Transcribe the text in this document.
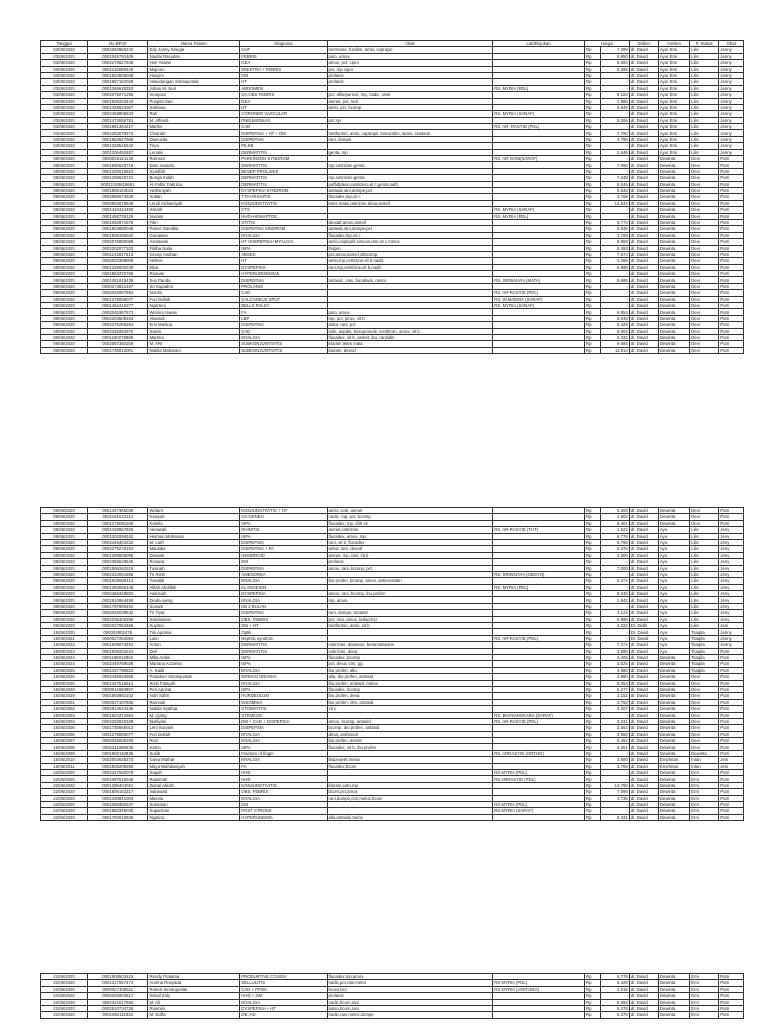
Tanggal	No BPJS	Nama Pasien	Diagnosa	Obat	Lab/Rujukan	Harga		Dokter	Asisten	P. Status	Obat
03/06/2020	0002060965242	Edy Jonny Siregar	CHF	metronne, furolbn, amlo, cepropic		Rp	7.299	dr. David	Ayu/ Erni	Lilis	Jenny
03/06/2020	0001049791409	Naufal Rasydan	FEBRIS	pulo, amox		Rp	5.950	dr. David	Ayu/ Erni	Lilis	Jenny
03/06/2020	0002278527546	Heri Yowan	GEA	amox, pct, cipro		Rp	5.594	dr. David	Ayu/ Erni	Lilis	Jenny
03/06/2020	0001132689429	Mujiono	SINISTRA + FEBRIS	pct, mp cipro		Rp	5.285	dr. David	Ayu/ Erni	Lilis	Jenny
03/06/2020	0001834506038	Hasyim	DM	prolanis		Rp	-	dr. David	Ayu/ Erni	Lilis	Jenny
03/06/2020	0001897162029	Hasudungan Simanjuntak	HT	prolanis		Rp	-	dr. David	Ayu/ Erni	Lilis	Jenny
03/06/2020	0001266628353	Johan M. Nuri	ABDOMEN		RS. MYRIA (PDL)	Rp	-	dr. David	Ayu/ Erni	Lilis	Jenny
03/06/2020	0002079271295	Irmayani	OA OBS FEBRIS	pct, alllo/purinol, mp, nadic, ranti		Rp	6.183	dr. David	Ayu/ Erni	Lilis	Jenny
03/06/2020	0001506203443	Puspita Sari	GEA	asmet, pct, ranl		Rp	1.986	dr. David	Ayu/ Erni	Lilis	Jenny
03/06/2020	0001428924007	Satriana	HT	amlo, pct, bcomp		Rp	5.945	dr. David	Ayu/ Erni	Lilis	Jenny
03/06/2020	0002459806633	Rati	CORONER VASCULAR		RS. MYRIA (SARAF)	Rp	-	dr. David	Ayu/ Erni	Lilis	Jenny
03/06/2020	0001474555781	M. Affendi	PNEUMONIAS	pct syr		Rp	5.206	dr. David	Ayu/ Erni	Lilis	Jenny
03/06/2020	0001881364217	Martini	CAD		RS. AR- RASYID (PDL)	Rp	-	dr. David	Ayu/ Erni	Lilis	Jenny
03/06/2020	0002263079273	Choiriah	DISPEPSIA + HT + DM	metformin, amlo, captropil, biscombin, lanso, ranason		Rp	7.790	dr. David	Ayu/ Erni	Lilis	Jenny
03/06/2020	0001854547986	Dianovita	DISPEPSIA	rani, dompe		Rp	4.796	dr. David	Ayu/ Erni	Lilis	Jenny
03/06/2020	0001328546542	Triya	PILKB			Rp	-	dr. David	Ayu/ Erni	Lilis	Jenny
03/06/2020	0001206450487	Lenativ	DERMATITIS	genta, mp		Rp	2.646	dr. David	Ayu/ Erni	Lilis	Jenny
08/06/2020	0000026114145	Ramses	PARKINSON SYNDROM		RS. AR-GANI(SARAF)	Rp	-	dr. David	Dewinta	Devi	Putri
08/06/2020	0001590625719	Dani susanto	DERMATITIS	mp,cetirizine,genta		Rp	7.060	dr. David	Dewinta	Devi	Putri
08/06/2020	0001200016622	Syarifah	BESEP PROLANIS			Rp	-	dr. David	Dewinta	Devi	Putri
08/06/2020	0001258625721	Bunga Indah	DERMATITIS	mp,cetirizine,genta		Rp	7.248	dr. David	Dewinta	Devi	Putri
08/06/2020	00022193618691	Al-Fathir Fabrizio	DERMATITIS	puffid(deso,cetirizien,vit c,genta salf)		Rp	8.246	dr. David	Dewinta	Devi	Putri
08/06/2020	0001906153023	Herlisniyah	DYSPEPSIA SYNDROM	antasid,rani,dompe,pct		Rp	5.546	dr. David	Dewinta	Devi	Putri
08/06/2020	0002906673838	Sultan	TTH+RHINITIS	flucadex,mp,vit c		Rp	3.768	dr. David	Dewinta	Devi	Putri
08/06/2020	0000902679849	Lendi Ardiansyah	KONJUNGTIVITIS	letes mata,cetirizine,dexa,asmef		Rp	14.634	dr. David	Dewinta	Devi	Putri
08/06/2020	0001410444450	Ismarti	CTS		RS. MYRIA (SARAF)	Rp	-	dr. David	Dewinta	Devi	Putri
08/06/2020	0001458735129	Nuraini	HHD+HEMAPTOE		RS. MYRIA (PDL)	Rp	-	dr. David	Dewinta	Devi	Putri
08/06/2020	0001062971879	Fikri	OTITIS	dexdaf,amox,asmef		Rp	6.774	dr. David	Dewinta	Devi	Putri
08/06/2020	0001504880048	Pance Sandika	DISPEPSIA SINDROM	antasid,rani,dompe,pct		Rp	5.546	dr. David	Dewinta	Devi	Putri
08/06/2020	0001506166042	Gunawan	MYALGIA	flucadex,mp,vit c		Rp	3.768	dr. David	Dewinta	Devi	Putri
08/06/2020	0002076885088	Asmawati	HT+DISPEPSIA+MYALGIA	amlo,captopril,simvas,rani,vit c,melox		Rp	8.559	dr. David	Dewinta	Devi	Putri
08/06/2020	0002202077103	Fildha Naila	ISPA	Fulpro		Rp	5.493	dr. David	Dewinta	Devi	Putri
08/06/2020	0001142817513	Cecep Andrian	ABSES	pct,amox,asmef,vitbcomp		Rp	7.574	dr. David	Dewinta	Devi	Putri
08/06/2020	0000023399909	Helmin	HT	amlo,mp,cetirizine,vit b,nadic		Rp	4.366	dr. David	Dewinta	Devi	Putri
08/06/2020	0001326000239	Elpa	DYSPEPSIA	rani,mp,cetirizine,vit b,nadic		Rp	6.988	dr. David	Dewinta	Devi	Putri
08/06/2020	0001963370766	Rasuan	HYPERURIKEMIA5			Rp	-	dr. David	Dewinta	Devi	Putri
08/06/2020	0001451819439	Sus Parida	DISPEPSIA	antasid , rani, bundavin, metro	RS. SRIWIJAYA (MATA)	Rp	9.685	dr. David	Dewinta	Devi	Putri
08/06/2020	0000273831497	Sri Supadmi	PROLANIS			Rp	-	dr. David	Dewinta	Devi	Putri
08/06/2020	0000026067894	Nurdin	CAD		RS. AR-RASYID (PDL)	Rp	-	dr. David	Dewinta	Devi	Putri
08/06/2020	0001278069077	Furi Dullah	CALCANEUS SPUT		RS. W.MADIRA (SARAF)	Rp	-	dr. David	Dewinta	Devi	Putri
08/06/2020	0001462415377	Ngarteni	BELLS PALSY		RS. MYRIA (SARAF)	Rp	-	dr. David	Dewinta	Devi	Putri
08/06/2020	0002045367573	Wiriniro Uwais	FA	pulo, amox		Rp	6.854	dr. David	Dewinta	Devi	Putri
08/06/2020	0002203609163	Alwandi	LBP	mp, pct, pirox, vit b		Rp	5.046	dr. David	Dewinta	Devi	Putri
08/06/2020	0002376266264	Emi Marlina	DISPEPSIA	dolta, rani, pct		Rp	8.429	dr. David	Dewinta	Devi	Putri
08/06/2020	0002348254970	Samsi	CAD	isdn, aspilet, bosoprosole, erothrom, amox, vit b		Rp	6.002	dr. David	Dewinta	Devi	Putri
08/06/2020	0001180279899	Martina	MYALGIA	flucadex, vit b, asmet, ibu, ranitidin		Rp	6.332	dr. David	Dewinta	Devi	Putri
08/06/2020	0002087350209	M. ARI	SUBKONJUNTIVITIS	kloram tetes mata		Rp	9.694	dr. David	Dewinta	Devi	Putri
08/06/2020	0001735912001	Nabila Maharani	SUBKONJUNTIVITIS	kloram, dexraf		Rp	11.814	dr. David	Dewinta	Devi	Putri
08/06/2020	0001447365039	Widarti	KONJUNGTIVITIS + HT	amlo, cetri, asmet		Rp	9.206	dr. David	Dewinta	Devi	Putri
08/06/2020	0001161623114	Kasiyah	OA GENEU	nadic, mp, pct, bcomp		Rp	4.802	dr. David	Dewinta	Devi	Putri
08/06/2020	0001276081165	Kamila	ISPA	flucadex, mp, cbh sir		Rp	8.401	dr. David	Dewinta	Devi	Putri
08/06/2020	0001439967925	Herawati	RHINITIS	asmet,cetirizine	RS. AR-RASYID (THT)	Rp	1.622	dr. David	Ayu	Lilis	Jeny
08/06/2020	0001302099342	Herman Mohanan	ISPA	flucadex, amox, mp		Rp	6.776	dr. David	Ayu	Lilis	Jeny
08/06/2020	0002445404232	M. Lutfi	DISPEPSIA	rani, vit b, flucadex		Rp	8.756	dr. David	Ayu	Lilis	Jeny
08/06/2020	0002279278154	Maulidia	DISPEPSIA + FA	arfed, rani, dexraf		Rp	6.376	dr. David	Ayu	Lilis	Jeny
08/06/2020	0001286506095	Darwati	HEMOROID	asmet, mp, rani, vit b		Rp	4.306	dr. David	Ayu	Lilis	Jeny
08/06/2020	0002356529645	Rosana	DM	prolanis		Rp	-	dr. David	Ayu	Lilis	Jeny
08/06/2020	0001506263218	Tusinah	DISPEPSIA	amox, rani, bcomp, pct		Rp	7.000	dr. David	Ayu	Lilis	Jeny
08/06/2020	0002310051896	Tri Rizki	AMENOREA		RS. SRIWIJAYA (OBGYN)	Rp	-	dr. David	Ayu	Lilis	Jeny
08/06/2020	0001506908113	Yuwaldi	MYALGIA	ibu profen, bcomp, amox, antiorostatin		Rp	6.374	dr. David	Ayu	Lilis	Jeny
08/06/2020	0001382596148	Alifah Abdillah	KLANGEION		RS. MYRIA (PDL)	Rp	-	dr. David	Ayu	Lilis	Jeny
08/06/2020	0002469328882	Hamsiah	DYSPEPSIA	amox, rani, bcomp, ibu profen		Rp	8.246	dr. David	Ayu	Lilis	Jeny
08/06/2020	0002510864488	Dinda Ajeng	MYALGIA	mp, amox		Rp	1.942	dr. David	Ayu	Lilis	Jeny
08/06/2020	0001797900491	Sunarti	KB 3 BULAN			Rp	-	dr. David	Ayu	Lilis	Jeny
08/06/2020	0000026039542	Tri Tiyar	DISPEPSIA	rani, dompe, antasid		Rp	4.124	dr. David	Ayu	Lilis	Jeny
08/06/2020	0002205406296	Sandaniasi	OBS. FEBRIS	pct, rani, amox, bufacory!		Rp	8.996	dr. David	Ayu	Lilis	Jeny
09/06/2020	0002027953465	Suyitno	DM + HT	metformin, amlo, vit b		Rp	4.322	Dr. Didhi	Ayu	Lilis	Jeni
15/06/2020	000002902478	Tini Apriniai	Optik			Rp	-	Dr. David	Ayu	Tsaqila	Jenny
15/06/2021	0000027262054	Lukri	Nephtic syndrom		RS. AR-RASYID (PDL)	Rp	-	Dr. David	Ayu	Tsaqila	Jenny
15/06/2022	0001508074491	Anton	DERMATITIS	cetirizine, danason, betametasone		Rp	7.374	dr. David	Ayu	Tsaqila	Jenny
15/06/2023	0001506204224	Deli	DERMATITIS	cetirizine, dexa		Rp	3.586	dr. David	Ayu	Tsaqila	Putri
15/06/2024	0001196012862	Milla Ardini	ISPA	flucadex, bcomp		Rp	3.405	dr. David	Dewinta	Tsaqila	Putri
15/06/2024	0002449769038	Mariana Azzahra	ISPA	pct, dexa, ctm, gg		Rp	3.025	dr. David	Dewinta	Tsaqila	Putri
15/06/2025	0001437780822	A. Kadir	MYALGIA	ibu profen, allu		Rp	4.980	dr. David	Dewinta	Tsaqila	Putri
15/06/2026	0002436834558	Paradom Simanjuntak	INFEKSI URIANIA	allu, ibu profen, antasid		Rp	4.980	dr. David	Dewinta	Devi	Putri
15/06/2026	0001427516614	Rizki Fatayah	MYALGIA	ibu profen, antasid, melox		Rp	5.054	dr. David	Dewinta	Devi	Putri
15/06/2028	0000511683997	Peri Aprizal	ISPA	flucadex, bcomp		Rp	5.277	dr. David	Dewinta	Devi	Putri
15/06/2029	0001593982102	Indri Saftri	HORDEULUM	ibu profen, dexa		Rp	3.152	dr. David	Dewinta	Devi	Putri
15/06/2001	0000027107636	Ramouli	INSOMNIA	ibu profen, ctm, antasid		Rp	3.752	dr. David	Dewinta	Devi	Putri
15/06/2002	0002914524246	Nabila Syafiqa	STOMATITIS	vit c		Rp	4.207	dr. David	Dewinta	Devi	Putri
15/06/2003	0001824371884	M. Ujang	STROKOE		RS. BHAYANGKARA (SARAF)	Rp	-	dr. David	Dewinta	Devi	Putri
15/06/2004	0002332820339	Nurliyani	DM + CAD + DISPEPSIA	amox, bcomp, antasid	RS. AR-RASYID (PDL)	Rp	3.031	dr. David	Dewinta	Devi	Putri
15/06/2005	0001730666013	Leni Suryani	DISPEPSIA	bcomp, ibu profen, antasid		Rp	3.553	dr. David	Dewinta	Devi	Putri
15/06/2006	0001278069077	Furi Dullah	MYALGIA	dexa, ambroxol		Rp	3.560	dr. David	Dewinta	Devi	Putri
15/06/2007	0000315006292	Rozi	MYALGIA	ibu profen, asmet		Rp	5.452	dr. David	Dewinta	Devi	Putri
15/06/2008	0002311086635	Karno	ISPA	flucadex, vit b, ibu profen		Rp	6.251	dr. David	Dewinta	Devi	Putri
15/06/2009	0001882110835	Susib	Fracture of finger		RS. ARRASYID (ORTHO)	Rp	-	dr. David	Dewinta	Dewinta	Putri
15/06/2010	0002003625273	Goep Muthar	MYALGIA	ibuprojeet,melox		Rp	3.680	dr. David	Erni/Intan	Intan	Jeni
15/06/2011	0001505209296	Maya Wahdaniyah	FA	flucadex,bcom		Rp	2.755	dr. David	Erni/Intan	Intan	Jeni
22/06/2020	0002317582079	Saqah	HHD		RS MYRIA (PDL)	Rp	-	dr. David	Dewinta	Erni	Putri
22/06/2020	0001087519346	Rawimah	HHD		RS ARRASYID (PDL)	Rp	-	dr. David	Dewinta	Erni	Putri
22/06/2020	0001296404021	Zainal Abidin	KONJUNGTIVITIS	kloram,cetri,mp		Rp	13.790	dr. David	Dewinta	Erni	Putri
22/06/2020	0001506163217	Indrawati	OBS. FEBRIS	bcom,pct,amox		Rp	7.099	dr. David	Dewinta	Erni	Putri
22/06/2020	0001430841003	Masnia	MYALGIA	rani,dompe,ctm,melox,bcom		Rp	4.735	dr. David	Dewinta	Erni	Putri
22/06/2020	0001088350247	Sumiatun	DM		RS MYRIA (PDL)	Rp	-	dr. David	Dewinta	Erni	Putri
22/06/2020	0001883349030	Suparman	POST STROKE		RS MYRIA (SARAF)	Rp	-	dr. David	Dewinta	Erni	Putri
22/06/2020	0001793010836	Ngatino	HYPERUNEMIA	allu,antasid,melox		Rp	8.331	dr. David	Dewinta	Erni	Putri
22/06/2020	0001506503415	Rendy Pratama	PRODUKTIVE COUGH	flucadex,mp,amox		Rp	6.776	dr. David	Dewinta	Erni	Putri
22/06/2020	0001317557474	Amrina Rosyada	SELLULITIS	nadic,pct,rani,metro	RS MYRIA (PDL)	Rp	6.428	dr. David	Dewinta	Erni	Putri
22/06/2020	0000027400511	Robert Simanjuntak	CAD + PPOK	bcom,bcz	RS MYRIA (JANTUNG)	Rp	4.516	dr. David	Dewinta	Erni	Putri
22/06/2020	0000026004517	Ismail Zaly	HHD + DM	prolanis		Rp	-	dr. David	Dewinta	Erni	Putri
22/06/2020	0002321017684	M. Ali	MYALGIA	nadic,bcom,rani		Rp	5.094	dr. David	Dewinta	Erni	Putri
22/06/2020	0002510734735	Rusmini	DYSPEPSIA + HT	lanso,bcom,rani		Rp	5.376	dr. David	Dewinta	Erni	Putri
22/06/2020	0001882111833	M. Duffa	OE, AD	nadic,rani,metro,dompe		Rp	6.379	dr. David	Dewinta	Erni	Putri
